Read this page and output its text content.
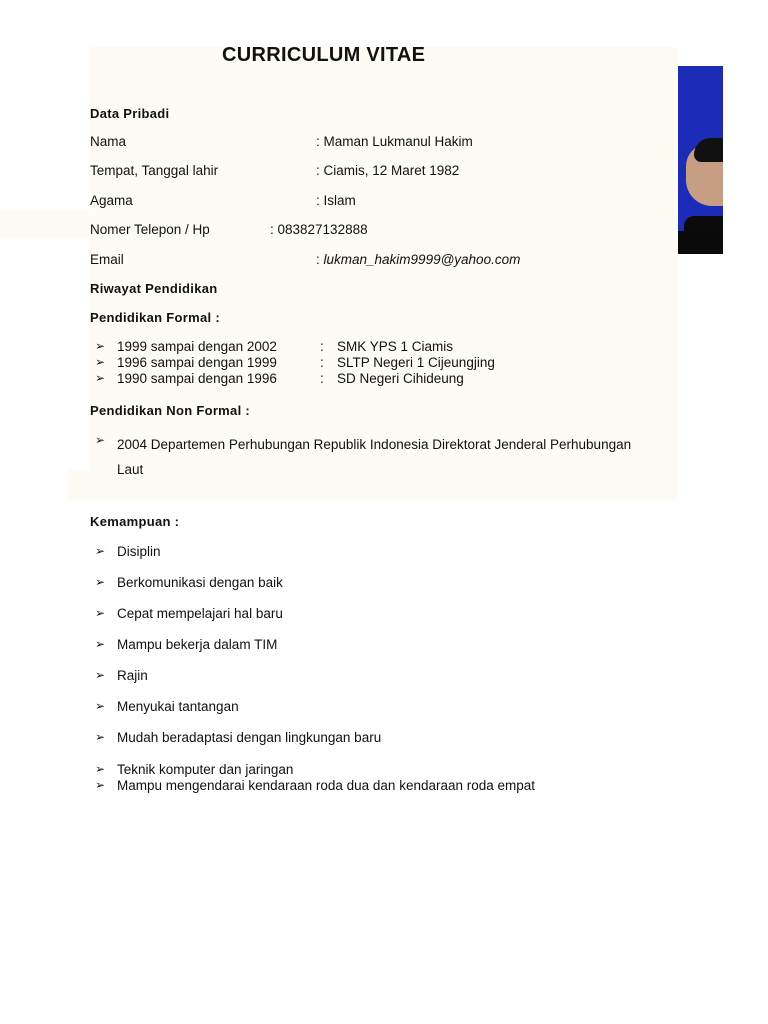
CURRICULUM VITAE
Data Pribadi
Nama	: Maman Lukmanul Hakim
Tempat, Tanggal lahir	: Ciamis, 12 Maret 1982
Agama	: Islam
Nomer Telepon / Hp	: 083827132888
Email	: lukman_hakim9999@yahoo.com
Riwayat Pendidikan
Pendidikan Formal :
➢ 1999 sampai dengan 2002	: SMK YPS 1 Ciamis
➢ 1996 sampai dengan 1999	: SLTP Negeri 1 Cijeungjing
➢ 1990 sampai dengan 1996	: SD Negeri Cihideung
Pendidikan Non Formal :
➢ 2004 Departemen Perhubungan Republik Indonesia Direktorat Jenderal Perhubungan Laut
Kemampuan :
➢ Disiplin
➢ Berkomunikasi dengan baik
➢ Cepat mempelajari hal baru
➢ Mampu bekerja dalam TIM
➢ Rajin
➢ Menyukai tantangan
➢ Mudah beradaptasi dengan lingkungan baru
➢ Teknik komputer dan jaringan
➢ Mampu mengendarai kendaraan roda dua dan kendaraan roda empat
